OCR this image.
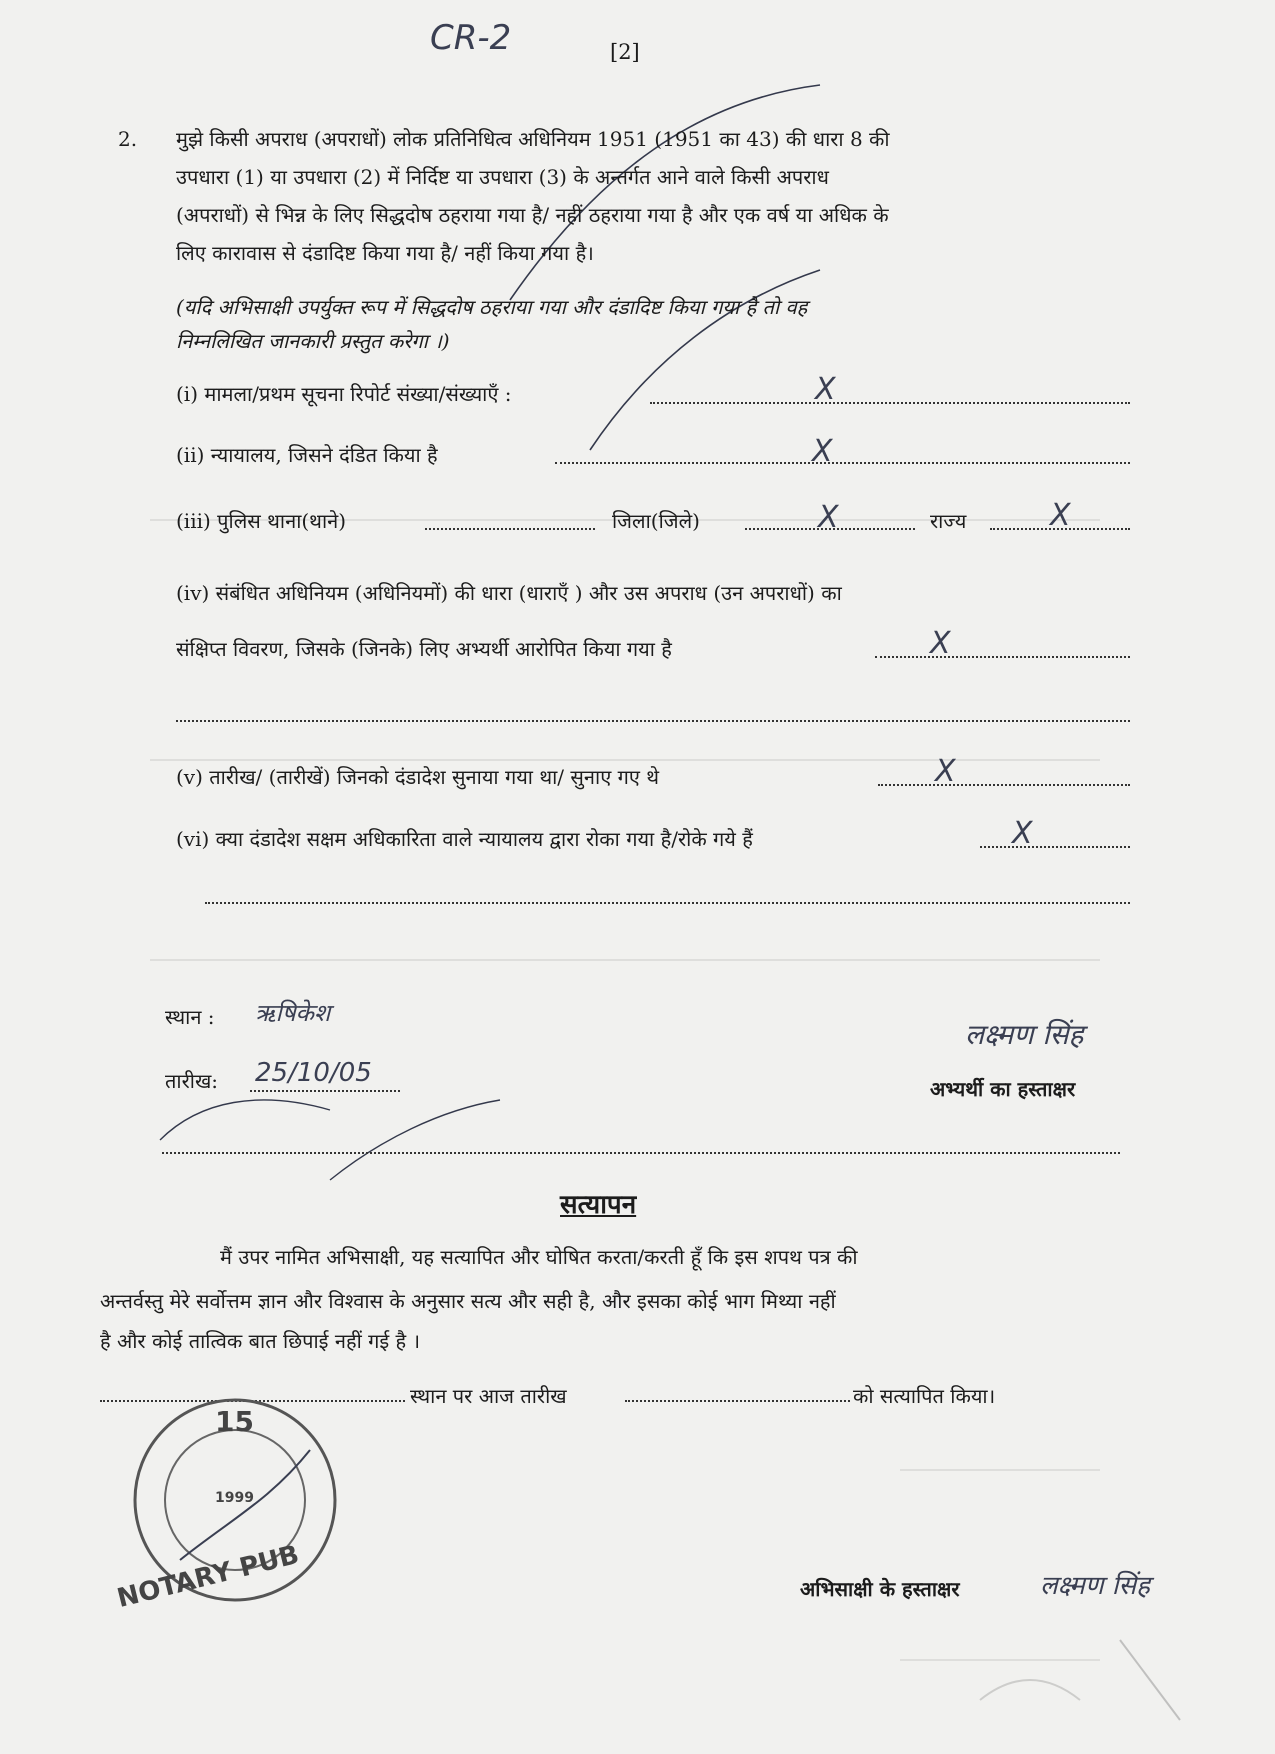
CR-2	[2]
2. मुझे किसी अपराध (अपराधों) लोक प्रतिनिधित्व अधिनियम 1951 (1951 का 43) की धारा 8 की
उपधारा (1) या उपधारा (2) में निर्दिष्ट या उपधारा (3) के अन्तर्गत आने वाले किसी अपराध
(अपराधों) से भिन्न के लिए सिद्धदोष ठहराया गया है/ नहीं ठहराया गया है और एक वर्ष या अधिक के
लिए कारावास से दंडादिष्ट किया गया है/ नहीं किया गया है।
(यदि अभिसाक्षी उपर्युक्त रूप में सिद्धदोष ठहराया गया और दंडादिष्ट किया गया है तो वह
निम्नलिखित जानकारी प्रस्तुत करेगा ।)
(i) मामला/प्रथम सूचना रिपोर्ट संख्या/संख्याएँ :	X
(ii) न्यायालय, जिसने दंडित किया है	X
(iii) पुलिस थाना(थाने)	जिला(जिले)	X	राज्य	X
(iv) संबंधित अधिनियम (अधिनियमों) की धारा (धाराएँ ) और उस अपराध (उन अपराधों) का
संक्षिप्त विवरण, जिसके (जिनके) लिए अभ्यर्थी आरोपित किया गया है	X
(v) तारीख/ (तारीखें) जिनको दंडादेश सुनाया गया था/ सुनाए गए थे	X
(vi) क्या दंडादेश सक्षम अधिकारिता वाले न्यायालय द्वारा रोका गया है/रोके गये हैं	X
स्थान : ऋषिकेश
तारीख: 25/10/05
लक्ष्मण सिंह
अभ्यर्थी का हस्ताक्षर
सत्यापन
मैं उपर नामित अभिसाक्षी, यह सत्यापित और घोषित करता/करती हूँ कि इस शपथ पत्र की
अन्तर्वस्तु मेरे सर्वोत्तम ज्ञान और विश्वास के अनुसार सत्य और सही है, और इसका कोई भाग मिथ्या नहीं
है और कोई तात्विक बात छिपाई नहीं गई है ।
स्थान पर आज तारीख	को सत्यापित किया।
अभिसाक्षी के हस्ताक्षर	लक्ष्मण सिंह
15
1999
NOTARY PUB
